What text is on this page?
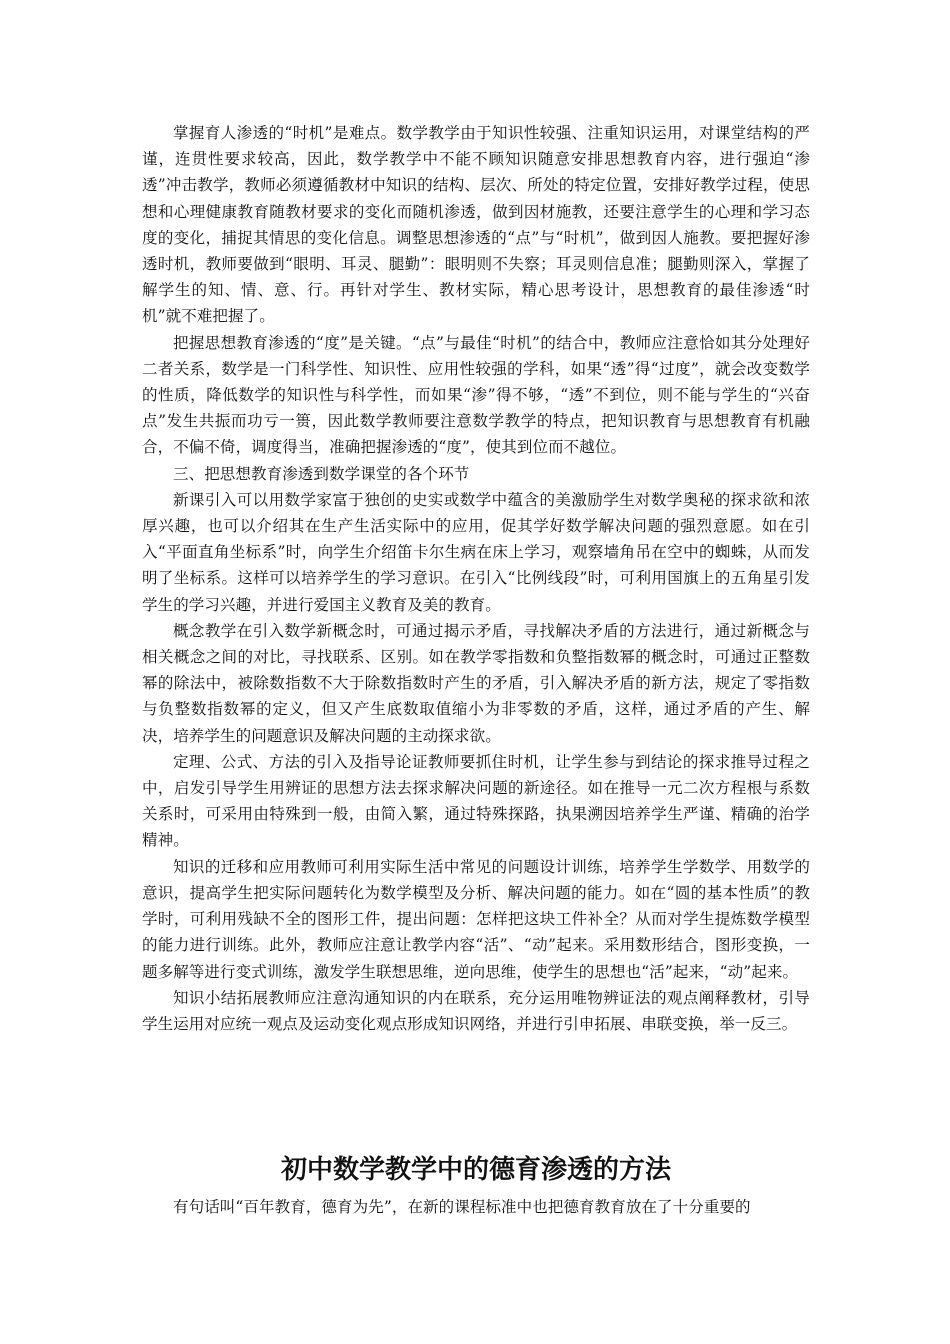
掌握育人渗透的“时机”是难点。数学教学由于知识性较强、注重知识运用，对课堂结构的严谨，连贯性要求较高，因此，数学教学中不能不顾知识随意安排思想教育内容，进行强迫“渗透”冲击教学，教师必须遵循教材中知识的结构、层次、所处的特定位置，安排好教学过程，使思想和心理健康教育随教材要求的变化而随机渗透，做到因材施教，还要注意学生的心理和学习态度的变化，捕捉其情思的变化信息。调整思想渗透的“点”与“时机”，做到因人施教。要把握好渗透时机，教师要做到“眼明、耳灵、腿勤”：眼明则不失察；耳灵则信息准；腿勤则深入，掌握了解学生的知、情、意、行。再针对学生、教材实际，精心思考设计，思想教育的最佳渗透“时机”就不难把握了。

把握思想教育渗透的“度”是关键。“点”与最佳“时机”的结合中，教师应注意恰如其分处理好二者关系，数学是一门科学性、知识性、应用性较强的学科，如果“透”得“过度”，就会改变数学的性质，降低数学的知识性与科学性，而如果“渗”得不够，“透”不到位，则不能与学生的“兴奋点”发生共振而功亏一篑，因此数学教师要注意数学教学的特点，把知识教育与思想教育有机融合，不偏不倚，调度得当，准确把握渗透的“度”，使其到位而不越位。

三、把思想教育渗透到数学课堂的各个环节

新课引入可以用数学家富于独创的史实或数学中蕴含的美激励学生对数学奥秘的探求欲和浓厚兴趣，也可以介绍其在生产生活实际中的应用，促其学好数学解决问题的强烈意愿。如在引入“平面直角坐标系”时，向学生介绍笛卡尔生病在床上学习，观察墙角吊在空中的蜘蛛，从而发明了坐标系。这样可以培养学生的学习意识。在引入“比例线段”时，可利用国旗上的五角星引发学生的学习兴趣，并进行爱国主义教育及美的教育。

概念教学在引入数学新概念时，可通过揭示矛盾，寻找解决矛盾的方法进行，通过新概念与相关概念之间的对比，寻找联系、区别。如在教学零指数和负整指数幂的概念时，可通过正整数幂的除法中，被除数指数不大于除数指数时产生的矛盾，引入解决矛盾的新方法，规定了零指数与负整数指数幂的定义，但又产生底数取值缩小为非零数的矛盾，这样，通过矛盾的产生、解决，培养学生的问题意识及解决问题的主动探求欲。

定理、公式、方法的引入及指导论证教师要抓住时机，让学生参与到结论的探求推导过程之中，启发引导学生用辨证的思想方法去探求解决问题的新途径。如在推导一元二次方程根与系数关系时，可采用由特殊到一般，由简入繁，通过特殊探路，执果溯因培养学生严谨、精确的治学精神。

知识的迁移和应用教师可利用实际生活中常见的问题设计训练，培养学生学数学、用数学的意识，提高学生把实际问题转化为数学模型及分析、解决问题的能力。如在“圆的基本性质”的教学时，可利用残缺不全的图形工件，提出问题：怎样把这块工件补全？从而对学生提炼数学模型的能力进行训练。此外，教师应注意让教学内容“活”、“动”起来。采用数形结合，图形变换，一题多解等进行变式训练，激发学生联想思维，逆向思维，使学生的思想也“活”起来，“动”起来。

知识小结拓展教师应注意沟通知识的内在联系，充分运用唯物辨证法的观点阐释教材，引导学生运用对应统一观点及运动变化观点形成知识网络，并进行引申拓展、串联变换，举一反三。

初中数学教学中的德育渗透的方法

有句话叫“百年教育，德育为先”，在新的课程标准中也把德育教育放在了十分重要的
